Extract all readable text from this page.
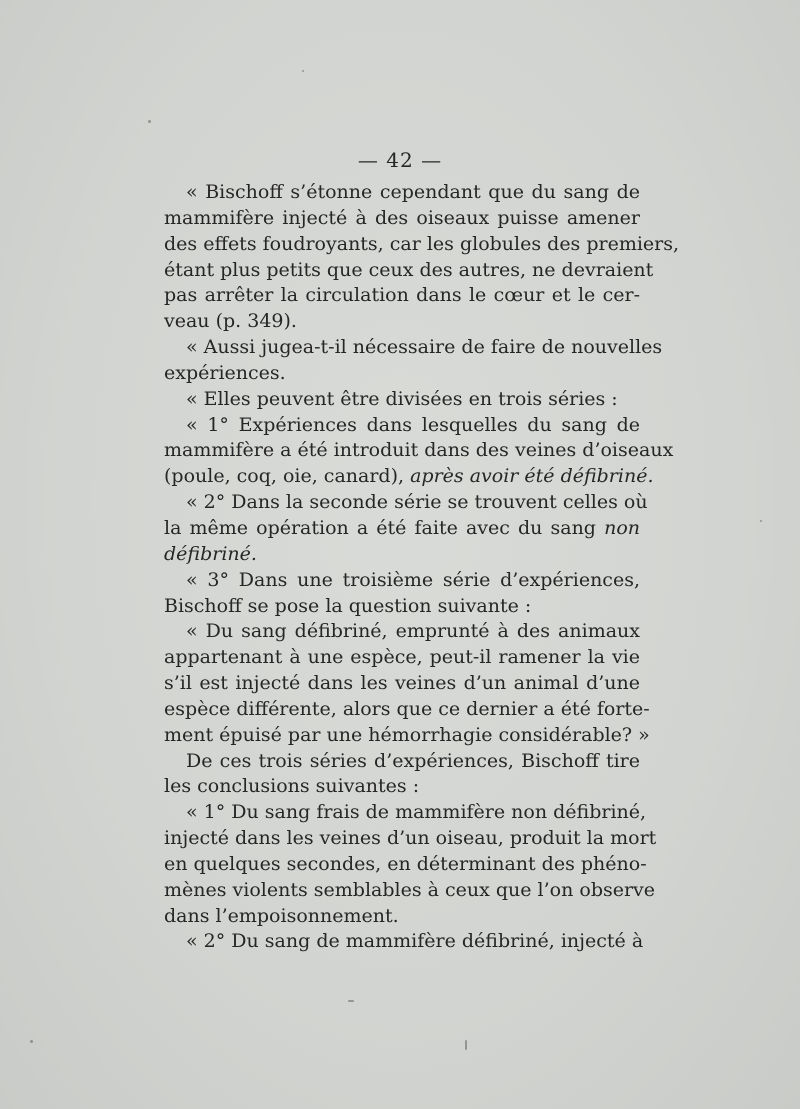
— 42 —
« Bischoff s’étonne cependant que du sang de
mammifère injecté à des oiseaux puisse amener
des effets foudroyants, car les globules des premiers,
étant plus petits que ceux des autres, ne devraient
pas arrêter la circulation dans le cœur et le cer-
veau (p. 349).
« Aussi jugea-t-il nécessaire de faire de nouvelles
expériences.
« Elles peuvent être divisées en trois séries :
« 1° Expériences dans lesquelles du sang de
mammifère a été introduit dans des veines d’oiseaux
(poule, coq, oie, canard), après avoir été défibriné.
« 2° Dans la seconde série se trouvent celles où
la même opération a été faite avec du sang non
défibriné.
« 3° Dans une troisième série d’expériences,
Bischoff se pose la question suivante :
« Du sang défibriné, emprunté à des animaux
appartenant à une espèce, peut-il ramener la vie
s’il est injecté dans les veines d’un animal d’une
espèce différente, alors que ce dernier a été forte-
ment épuisé par une hémorrhagie considérable? »
De ces trois séries d’expériences, Bischoff tire
les conclusions suivantes :
« 1° Du sang frais de mammifère non défibriné,
injecté dans les veines d’un oiseau, produit la mort
en quelques secondes, en déterminant des phéno-
mènes violents semblables à ceux que l’on observe
dans l’empoisonnement.
« 2° Du sang de mammifère défibriné, injecté à
